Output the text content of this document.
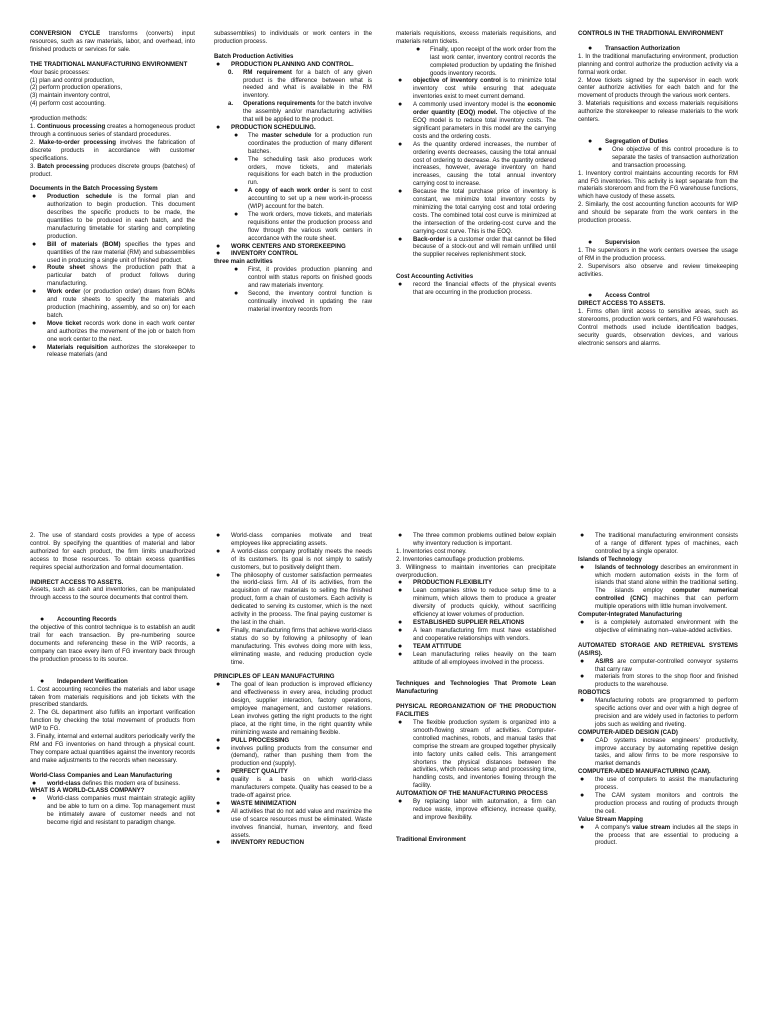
CONVERSION CYCLE transforms (converts) input resources, such as raw materials, labor, and overhead, into finished products or services for sale.

THE TRADITIONAL MANUFACTURING ENVIRONMENT

•four basic processes:

(1) plan and control production,

(2) perform production operations,

(3) maintain inventory control,

(4) perform cost accounting.

•production methods:

1. Continuous processing creates a homogeneous product through a continuous series of standard procedures.

2. Make-to-order processing involves the fabrication of discrete products in accordance with customer specifications.

3. Batch processing produces discrete groups (batches) of product.

Documents in the Batch Processing System

● Production schedule is the formal plan and authorization to begin production. This document describes the specific products to be made, the quantities to be produced in each batch, and the manufacturing timetable for starting and completing production.
● Bill of materials (BOM) specifies the types and quantities of the raw material (RM) and subassemblies used in producing a single unit of finished product.
● Route sheet shows the production path that a particular batch of product follows during manufacturing.
● Work order (or production order) draws from BOMs and route sheets to specify the materials and production (machining, assembly, and so on) for each batch.
● Move ticket records work done in each work center and authorizes the movement of the job or batch from one work center to the next.
● Materials requisition authorizes the storekeeper to release materials (and

subassemblies) to individuals or work centers in the production process.

Batch Production Activities

● PRODUCTION PLANNING AND CONTROL.
0. RM requirement for a batch of any given product is the difference between what is needed and what is available in the RM inventory.
a. Operations requirements for the batch involve the assembly and/or manufacturing activities that will be applied to the product.
● PRODUCTION SCHEDULING.
● The master schedule for a production run coordinates the production of many different batches.
● The scheduling task also produces work orders, move tickets, and materials requisitions for each batch in the production run.
● A copy of each work order is sent to cost accounting to set up a new work-in-process (WIP) account for the batch.
● The work orders, move tickets, and materials requisitions enter the production process and flow through the various work centers in accordance with the route sheet.
● WORK CENTERS AND STOREKEEPING
● INVENTORY CONTROL

three main activities

● First, it provides production planning and control with status reports on finished goods and raw materials inventory.
● Second, the inventory control function is continually involved in updating the raw material inventory records from

materials requisitions, excess materials requisitions, and materials return tickets.

● Finally, upon receipt of the work order from the last work center, inventory control records the completed production by updating the finished goods inventory records.
● objective of inventory control is to minimize total inventory cost while ensuring that adequate inventories exist to meet current demand.
● A commonly used inventory model is the economic order quantity (EOQ) model. The objective of the EOQ model is to reduce total inventory costs. The significant parameters in this model are the carrying costs and the ordering costs.
● As the quantity ordered increases, the number of ordering events decreases, causing the total annual cost of ordering to decrease. As the quantity ordered increases, however, average inventory on hand increases, causing the total annual inventory carrying cost to increase.
● Because the total purchase price of inventory is constant, we minimize total inventory costs by minimizing the total carrying cost and total ordering costs. The combined total cost curve is minimized at the intersection of the ordering-cost curve and the carrying-cost curve. This is the EOQ.
● Back-order is a customer order that cannot be filled because of a stock-out and will remain unfilled until the supplier receives replenishment stock.

Cost Accounting Activities

● record the financial effects of the physical events that are occurring in the production process.

CONTROLS IN THE TRADITIONAL ENVIRONMENT

● Transaction Authorization

1. In the traditional manufacturing environment, production planning and control authorize the production activity via a formal work order.

2. Move tickets signed by the supervisor in each work center authorize activities for each batch and for the movement of products through the various work centers.

3. Materials requisitions and excess materials requisitions authorize the storekeeper to release materials to the work centers.

● Segregation of Duties
● One objective of this control procedure is to separate the tasks of transaction authorization and transaction processing.

1. Inventory control maintains accounting records for RM and FG inventories. This activity is kept separate from the materials storeroom and from the FG warehouse functions, which have custody of these assets.

2. Similarly, the cost accounting function accounts for WIP and should be separate from the work centers in the production process.

● Supervision

1. The supervisors in the work centers oversee the usage of RM in the production process.

2. Supervisors also observe and review timekeeping activities.

● Access Control

DIRECT ACCESS TO ASSETS.

1. Firms often limit access to sensitive areas, such as storerooms, production work centers, and FG warehouses. Control methods used include identification badges, security guards, observation devices, and various electronic sensors and alarms.

2. The use of standard costs provides a type of access control. By specifying the quantities of material and labor authorized for each product, the firm limits unauthorized access to those resources. To obtain excess quantities requires special authorization and formal documentation.

INDIRECT ACCESS TO ASSETS.

Assets, such as cash and inventories, can be manipulated through access to the source documents that control them.

● Accounting Records

the objective of this control technique is to establish an audit trail for each transaction. By pre-numbering source documents and referencing these in the WIP records, a company can trace every item of FG inventory back through the production process to its source.

● Independent Verification

1. Cost accounting reconciles the materials and labor usage taken from materials requisitions and job tickets with the prescribed standards.

2. The GL department also fulfills an important verification function by checking the total movement of products from WIP to FG.

3. Finally, internal and external auditors periodically verify the RM and FG inventories on hand through a physical count. They compare actual quantities against the inventory records and make adjustments to the records when necessary.

World-Class Companies and Lean Manufacturing

● world-class defines this modern era of business.

WHAT IS A WORLD-CLASS COMPANY?

● World-class companies must maintain strategic agility and be able to turn on a dime. Top management must be intimately aware of customer needs and not become rigid and resistant to paradigm change.
● World-class companies motivate and treat employees like appreciating assets.
● A world-class company profitably meets the needs of its customers. Its goal is not simply to satisfy customers, but to positively delight them.
● The philosophy of customer satisfaction permeates the world-class firm. All of its activities, from the acquisition of raw materials to selling the finished product, form a chain of customers. Each activity is dedicated to serving its customer, which is the next activity in the process. The final paying customer is the last in the chain.
● Finally, manufacturing firms that achieve world-class status do so by following a philosophy of lean manufacturing. This evolves doing more with less, eliminating waste, and reducing production cycle time.

PRINCIPLES OF LEAN MANUFACTURING

● The goal of lean production is improved efficiency and effectiveness in every area, including product design, supplier interaction, factory operations, employee management, and customer relations. Lean involves getting the right products to the right place, at the right time, in the right quantity while minimizing waste and remaining flexible.
● PULL PROCESSING
● involves pulling products from the consumer end (demand), rather than pushing them from the production end (supply).
● PERFECT QUALITY
● quality is a basis on which world-class manufacturers compete. Quality has ceased to be a trade-off against price.
● WASTE MINIMIZATION
● All activities that do not add value and maximize the use of scarce resources must be eliminated. Waste involves financial, human, inventory, and fixed assets.
● INVENTORY REDUCTION
● The three common problems outlined below explain why inventory reduction is important.

1. Inventories cost money.

2. Inventories camouflage production problems.

3. Willingness to maintain inventories can precipitate overproduction.

● PRODUCTION FLEXIBILITY
● Lean companies strive to reduce setup time to a minimum, which allows them to produce a greater diversity of products quickly, without sacrificing efficiency at lower volumes of production.
● ESTABLISHED SUPPLIER RELATIONS
● A lean manufacturing firm must have established and cooperative relationships with vendors.
● TEAM ATTITUDE
● Lean manufacturing relies heavily on the team attitude of all employees involved in the process.

Techniques and Technologies That Promote Lean Manufacturing

PHYSICAL REORGANIZATION OF THE PRODUCTION FACILITIES

● The flexible production system is organized into a smooth-flowing stream of activities. Computer-controlled machines, robots, and manual tasks that comprise the stream are grouped together physically into factory units called cells. This arrangement shortens the physical distances between the activities, which reduces setup and processing time, handling costs, and inventories flowing through the facility.

AUTOMATION OF THE MANUFACTURING PROCESS

● By replacing labor with automation, a firm can reduce waste, improve efficiency, increase quality, and improve flexibility.

Traditional Environment

● The traditional manufacturing environment consists of a range of different types of machines, each controlled by a single operator.

Islands of Technology

● Islands of technology describes an environment in which modern automation exists in the form of islands that stand alone within the traditional setting. The islands employ computer numerical controlled (CNC) machines that can perform multiple operations with little human involvement.

Computer-Integrated Manufacturing

● is a completely automated environment with the objective of eliminating non–value-added activities.

AUTOMATED STORAGE AND RETRIEVAL SYSTEMS (AS/RS).

● AS/RS are computer-controlled conveyor systems that carry raw
● materials from stores to the shop floor and finished products to the warehouse.

ROBOTICS

● Manufacturing robots are programmed to perform specific actions over and over with a high degree of precision and are widely used in factories to perform jobs such as welding and riveting.

COMPUTER-AIDED DESIGN (CAD)

● CAD systems increase engineers' productivity, improve accuracy by automating repetitive design tasks, and allow firms to be more responsive to market demands

COMPUTER-AIDED MANUFACTURING (CAM).

● the use of computers to assist the manufacturing process.
● The CAM system monitors and controls the production process and routing of products through the cell.

Value Stream Mapping

● A company's value stream includes all the steps in the process that are essential to producing a product.
